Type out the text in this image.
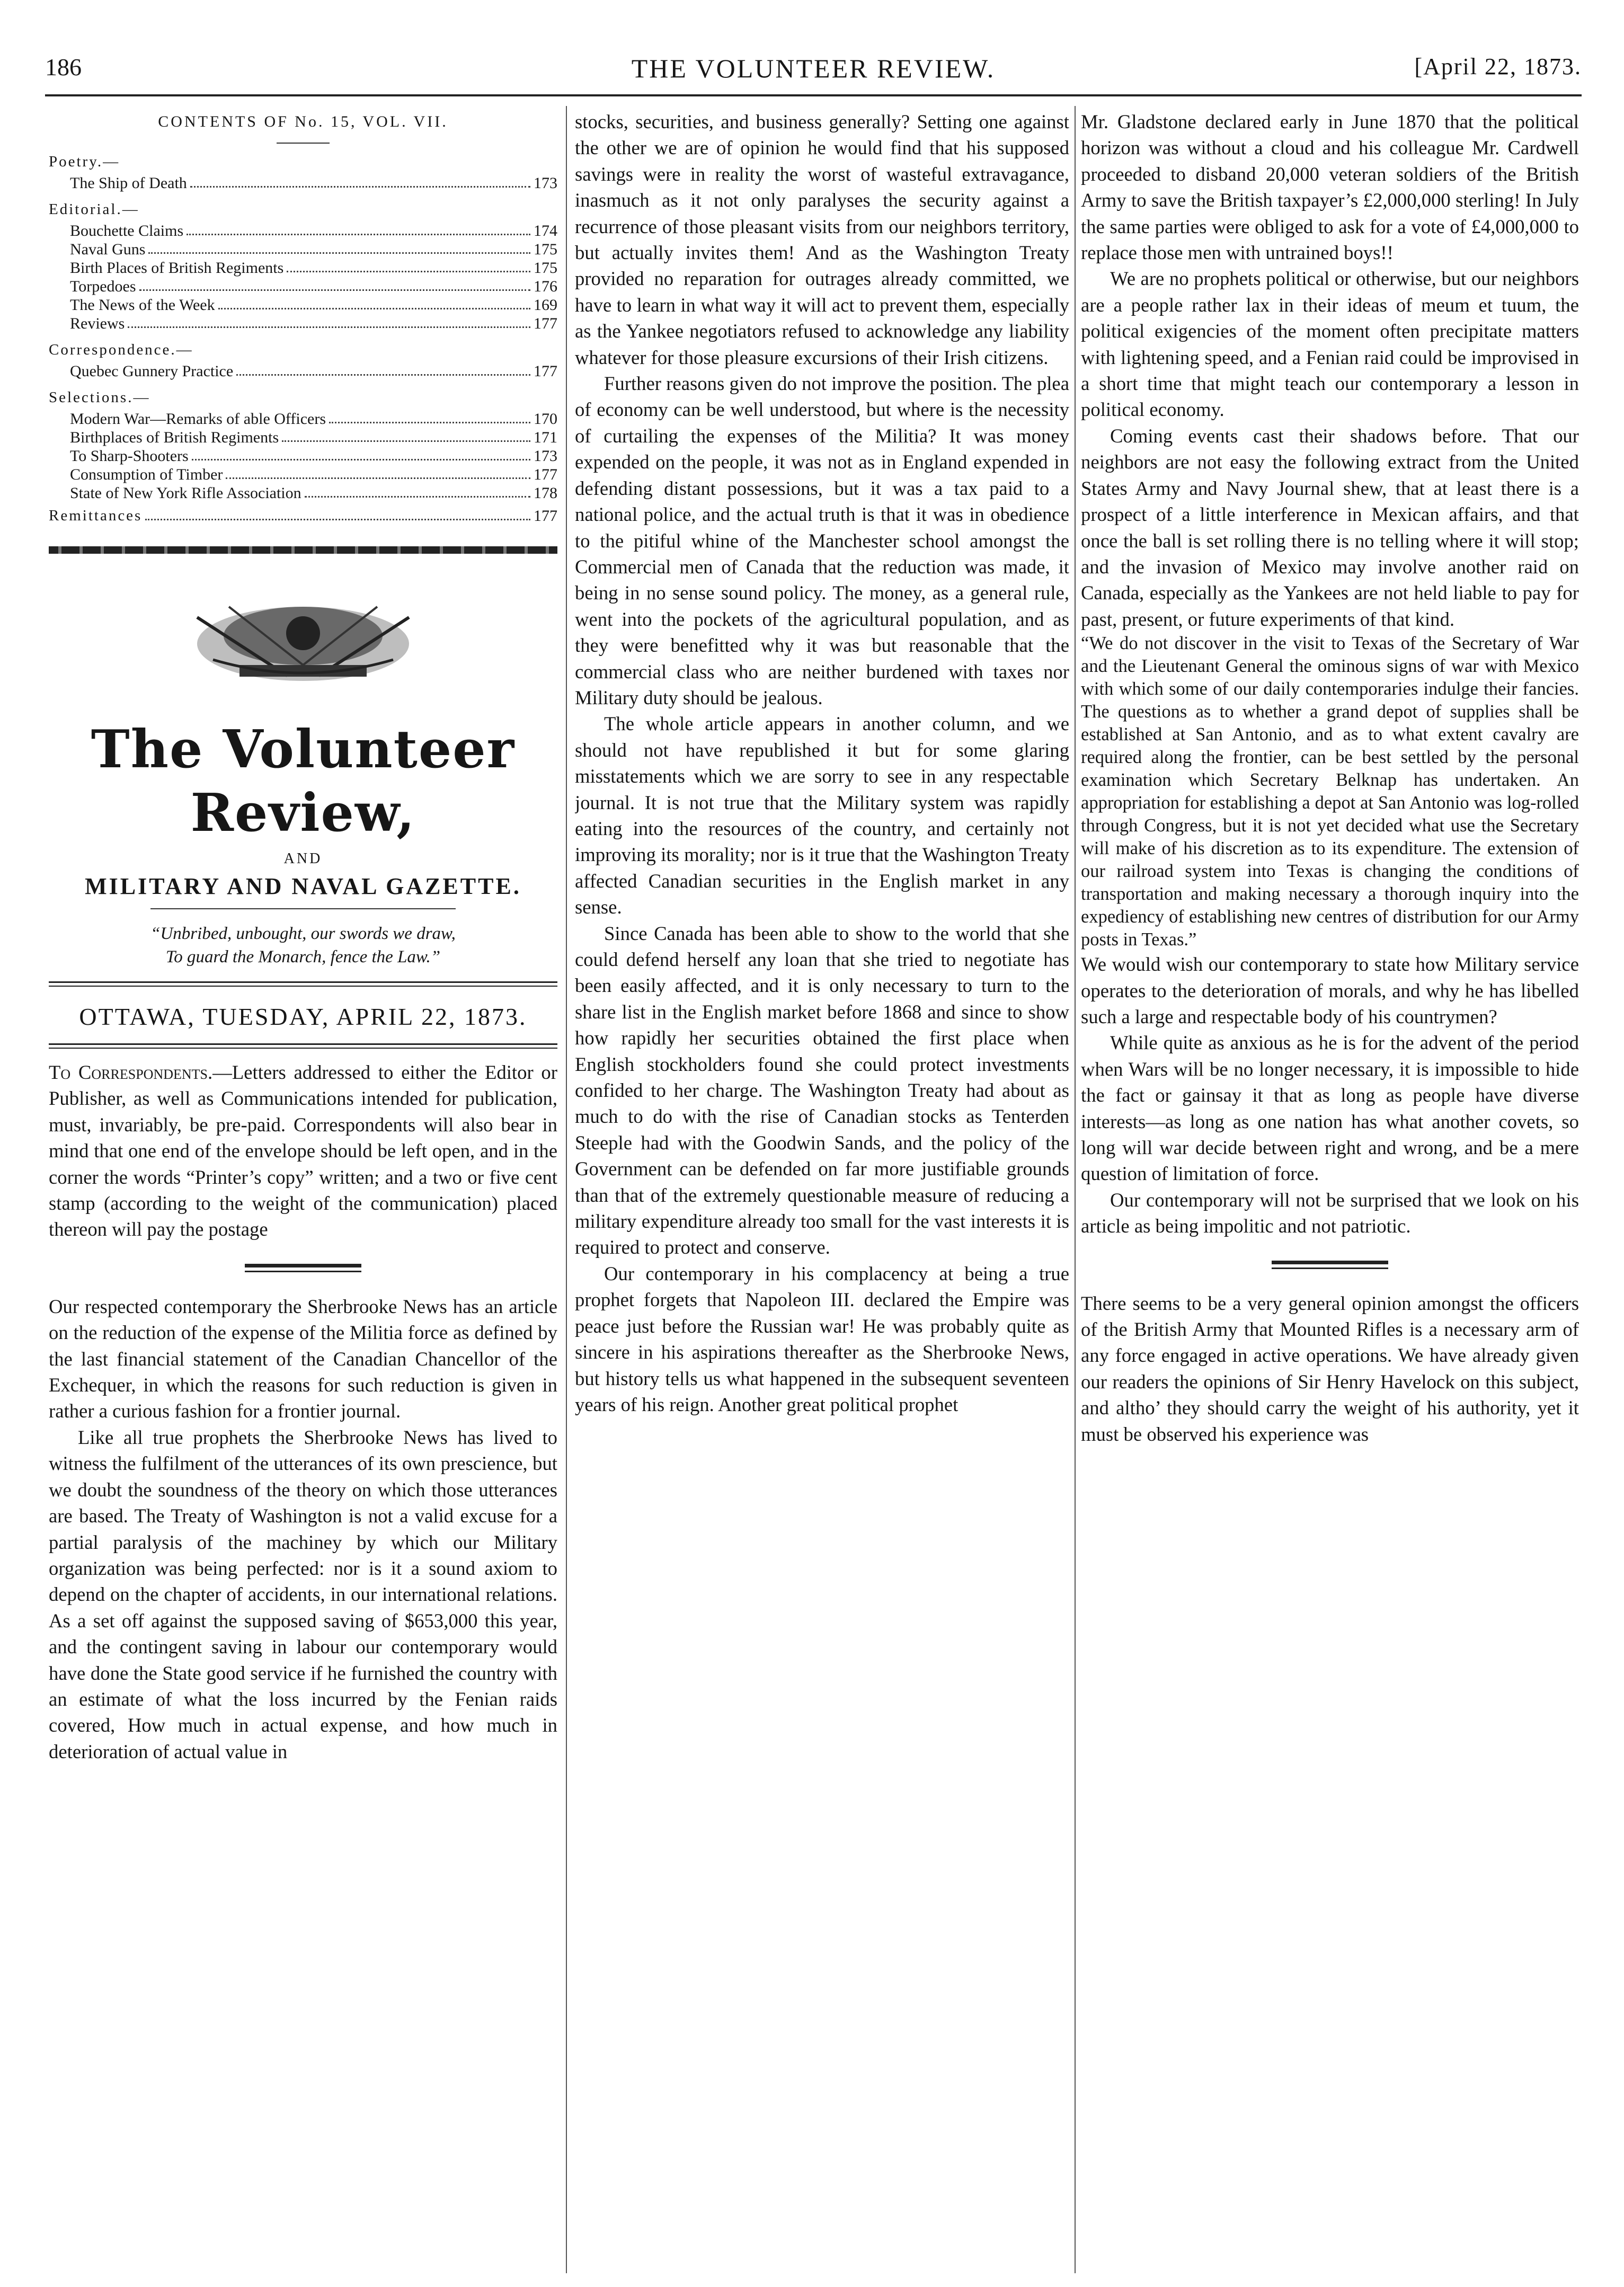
186	THE VOLUNTEER REVIEW.	[April 22, 1873.
CONTENTS OF No. 15, VOL. VII.
Poetry.—
The Ship of Death	173
Editorial.—
Bouchette Claims	174
Naval Guns	175
Birth Places of British Regiments	175
Torpedoes	176
The News of the Week	169
Reviews	177
Correspondence.—
Quebec Gunnery Practice	177
Selections.—
Modern War—Remarks of able Officers	170
Birthplaces of British Regiments	171
To Sharp-Shooters	173
Consumption of Timber	177
State of New York Rifle Association	178
Remittances	177
The Volunteer Review,
AND
MILITARY AND NAVAL GAZETTE.
“Unbribed, unbought, our swords we draw,
To guard the Monarch, fence the Law.”
OTTAWA, TUESDAY, APRIL 22, 1873.

To Correspondents.—Letters addressed to either the Editor or Publisher, as well as Communications intended for publication, must, invariably, be pre-paid. Correspondents will also bear in mind that one end of the envelope should be left open, and in the corner the words “Printer’s copy” written; and a two or five cent stamp (according to the weight of the communication) placed thereon will pay the postage

Our respected contemporary the Sherbrooke News has an article on the reduction of the expense of the Militia force as defined by the last financial statement of the Canadian Chancellor of the Exchequer, in which the reasons for such reduction is given in rather a curious fashion for a frontier journal.

Like all true prophets the Sherbrooke News has lived to witness the fulfilment of the utterances of its own prescience, but we doubt the soundness of the theory on which those utterances are based. The Treaty of Washington is not a valid excuse for a partial paralysis of the machiney by which our Military organization was being perfected: nor is it a sound axiom to depend on the chapter of accidents, in our international relations. As a set off against the supposed saving of $653,000 this year, and the contingent saving in labour our contemporary would have done the State good service if he furnished the country with an estimate of what the loss incurred by the Fenian raids covered, How much in actual expense, and how much in deterioration of actual value in

stocks, securities, and business generally? Setting one against the other we are of opinion he would find that his supposed savings were in reality the worst of wasteful extravagance, inasmuch as it not only paralyses the security against a recurrence of those pleasant visits from our neighbors territory, but actually invites them! And as the Washington Treaty provided no reparation for outrages already committed, we have to learn in what way it will act to prevent them, especially as the Yankee negotiators refused to acknowledge any liability whatever for those pleasure excursions of their Irish citizens.

Further reasons given do not improve the position. The plea of economy can be well understood, but where is the necessity of curtailing the expenses of the Militia? It was money expended on the people, it was not as in England expended in defending distant possessions, but it was a tax paid to a national police, and the actual truth is that it was in obedience to the pitiful whine of the Manchester school amongst the Commercial men of Canada that the reduction was made, it being in no sense sound policy. The money, as a general rule, went into the pockets of the agricultural population, and as they were benefitted why it was but reasonable that the commercial class who are neither burdened with taxes nor Military duty should be jealous.

The whole article appears in another column, and we should not have republished it but for some glaring misstatements which we are sorry to see in any respectable journal. It is not true that the Military system was rapidly eating into the resources of the country, and certainly not improving its morality; nor is it true that the Washington Treaty affected Canadian securities in the English market in any sense.

Since Canada has been able to show to the world that she could defend herself any loan that she tried to negotiate has been easily affected, and it is only necessary to turn to the share list in the English market before 1868 and since to show how rapidly her securities obtained the first place when English stockholders found she could protect investments confided to her charge. The Washington Treaty had about as much to do with the rise of Canadian stocks as Tenterden Steeple had with the Goodwin Sands, and the policy of the Government can be defended on far more justifiable grounds than that of the extremely questionable measure of reducing a military expenditure already too small for the vast interests it is required to protect and conserve.

Our contemporary in his complacency at being a true prophet forgets that Napoleon III. declared the Empire was peace just before the Russian war! He was probably quite as sincere in his aspirations thereafter as the Sherbrooke News, but history tells us what happened in the subsequent seventeen years of his reign. Another great political prophet

Mr. Gladstone declared early in June 1870 that the political horizon was without a cloud and his colleague Mr. Cardwell proceeded to disband 20,000 veteran soldiers of the British Army to save the British taxpayer’s £2,000,000 sterling! In July the same parties were obliged to ask for a vote of £4,000,000 to replace those men with untrained boys!!

We are no prophets political or otherwise, but our neighbors are a people rather lax in their ideas of meum et tuum, the political exigencies of the moment often precipitate matters with lightening speed, and a Fenian raid could be improvised in a short time that might teach our contemporary a lesson in political economy.

Coming events cast their shadows before. That our neighbors are not easy the following extract from the United States Army and Navy Journal shew, that at least there is a prospect of a little interference in Mexican affairs, and that once the ball is set rolling there is no telling where it will stop; and the invasion of Mexico may involve another raid on Canada, especially as the Yankees are not held liable to pay for past, present, or future experiments of that kind.

“We do not discover in the visit to Texas of the Secretary of War and the Lieutenant General the ominous signs of war with Mexico with which some of our daily contemporaries indulge their fancies. The questions as to whether a grand depot of supplies shall be established at San Antonio, and as to what extent cavalry are required along the frontier, can be best settled by the personal examination which Secretary Belknap has undertaken. An appropriation for establishing a depot at San Antonio was log-rolled through Congress, but it is not yet decided what use the Secretary will make of his discretion as to its expenditure. The extension of our railroad system into Texas is changing the conditions of transportation and making necessary a thorough inquiry into the expediency of establishing new centres of distribution for our Army posts in Texas.”

We would wish our contemporary to state how Military service operates to the deterioration of morals, and why he has libelled such a large and respectable body of his countrymen?

While quite as anxious as he is for the advent of the period when Wars will be no longer necessary, it is impossible to hide the fact or gainsay it that as long as people have diverse interests—as long as one nation has what another covets, so long will war decide between right and wrong, and be a mere question of limitation of force.

Our contemporary will not be surprised that we look on his article as being impolitic and not patriotic.

There seems to be a very general opinion amongst the officers of the British Army that Mounted Rifles is a necessary arm of any force engaged in active operations. We have already given our readers the opinions of Sir Henry Havelock on this subject, and altho’ they should carry the weight of his authority, yet it must be observed his experience was
